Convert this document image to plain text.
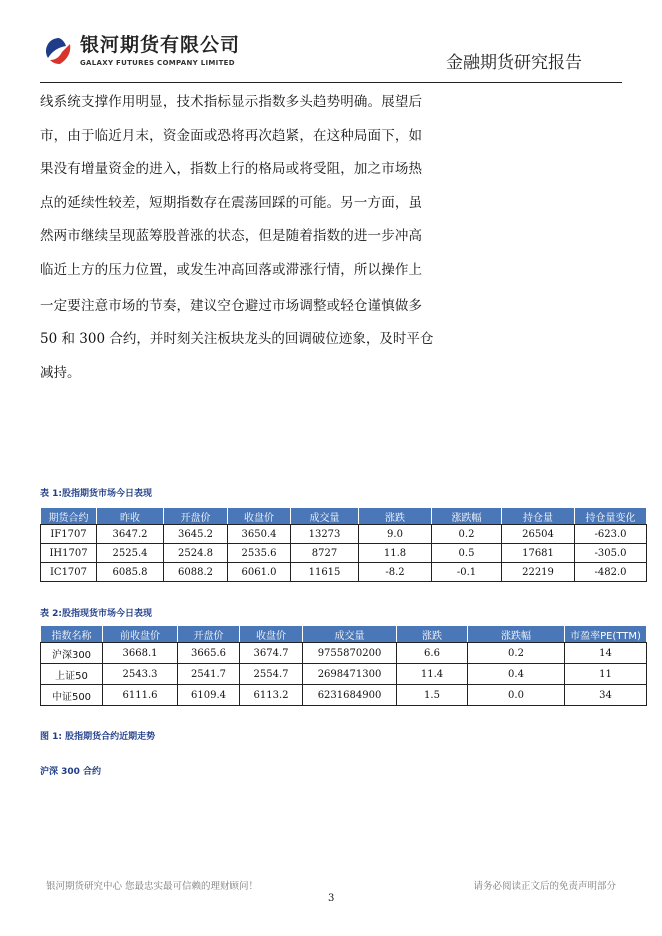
银河期货有限公司
GALAXY FUTURES COMPANY LIMITED	金融期货研究报告
线系统支撑作用明显，技术指标显示指数多头趋势明确。展望后
市，由于临近月末，资金面或恐将再次趋紧，在这种局面下，如
果没有增量资金的进入，指数上行的格局或将受阻，加之市场热
点的延续性较差，短期指数存在震荡回踩的可能。另一方面，虽
然两市继续呈现蓝筹股普涨的状态，但是随着指数的进一步冲高
临近上方的压力位置，或发生冲高回落或滞涨行情，所以操作上
一定要注意市场的节奏，建议空仓避过市场调整或轻仓谨慎做多
50 和 300 合约，并时刻关注板块龙头的回调破位迹象，及时平仓
减持。
表 1:股指期货市场今日表现
期货合约	昨收	开盘价	收盘价	成交量	涨跌	涨跌幅	持仓量	持仓量变化
IF1707	3647.2	3645.2	3650.4	13273	9.0	0.2	26504	-623.0
IH1707	2525.4	2524.8	2535.6	8727	11.8	0.5	17681	-305.0
IC1707	6085.8	6088.2	6061.0	11615	-8.2	-0.1	22219	-482.0
表 2:股指现货市场今日表现
指数名称	前收盘价	开盘价	收盘价	成交量	涨跌	涨跌幅	市盈率PE(TTM)
沪深300	3668.1	3665.6	3674.7	9755870200	6.6	0.2	14
上证50	2543.3	2541.7	2554.7	2698471300	11.4	0.4	11
中证500	6111.6	6109.4	6113.2	6231684900	1.5	0.0	34
图 1: 股指期货合约近期走势
沪深 300 合约
银河期货研究中心 您最忠实最可信赖的理财顾问！	请务必阅读正文后的免责声明部分
3
